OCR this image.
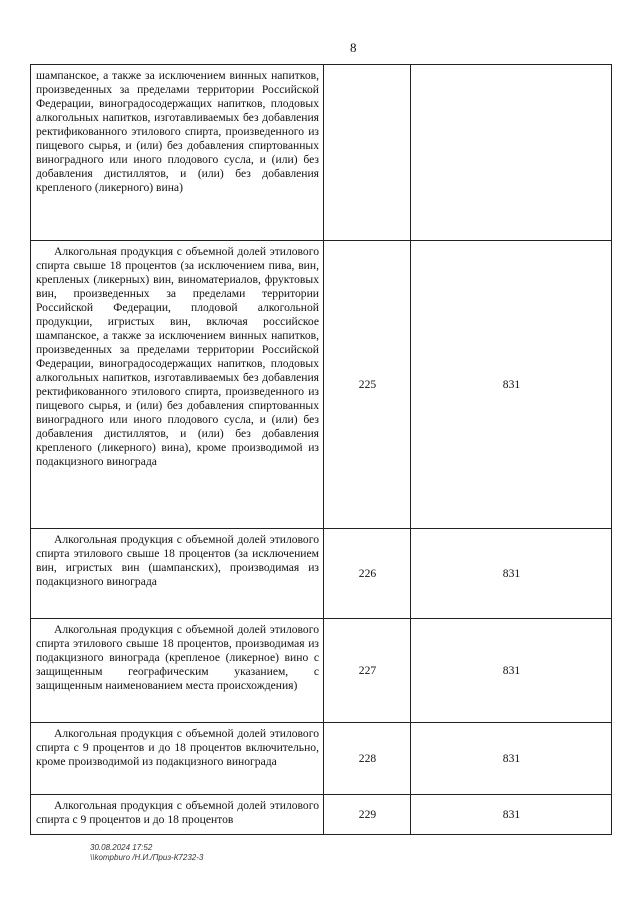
8
шампанское, а также за исключением винных напитков, произведенных за пределами территории Российской Федерации, виноградосодержащих напитков, плодовых алкогольных напитков, изготавливаемых без добавления ректификованного этилового спирта, произведенного из пищевого сырья, и (или) без добавления спиртованных виноградного или иного плодового сусла, и (или) без добавления дистиллятов, и (или) без добавления крепленого (ликерного) вина)		

Алкогольная продукция с объемной долей этилового спирта свыше 18 процентов (за исключением пива, вин, крепленых (ликерных) вин, виноматериалов, фруктовых вин, произведенных за пределами территории Российской Федерации, плодовой алкогольной продукции, игристых вин, включая российское шампанское, а также за исключением винных напитков, произведенных за пределами территории Российской Федерации, виноградосодержащих напитков, плодовых алкогольных напитков, изготавливаемых без добавления ректификованного этилового спирта, произведенного из пищевого сырья, и (или) без добавления спиртованных виноградного или иного плодового сусла, и (или) без добавления дистиллятов, и (или) без добавления крепленого (ликерного) вина), кроме производимой из подакцизного винограда	225	831

Алкогольная продукция с объемной долей этилового спирта этилового свыше 18 процентов (за исключением вин, игристых вин (шампанских), производимая из подакцизного винограда	226	831

Алкогольная продукция с объемной долей этилового спирта этилового свыше 18 процентов, производимая из подакцизного винограда (крепленое (ликерное) вино с защищенным географическим указанием, с защищенным наименованием места происхождения)	227	831

Алкогольная продукция с объемной долей этилового спирта с 9 процентов и до 18 процентов включительно, кроме производимой из подакцизного винограда	228	831

Алкогольная продукция с объемной долей этилового спирта с 9 процентов и до 18 процентов	229	831
30.08.2024 17:52
\\kompburo /Н.И./Приз-К7232-3
